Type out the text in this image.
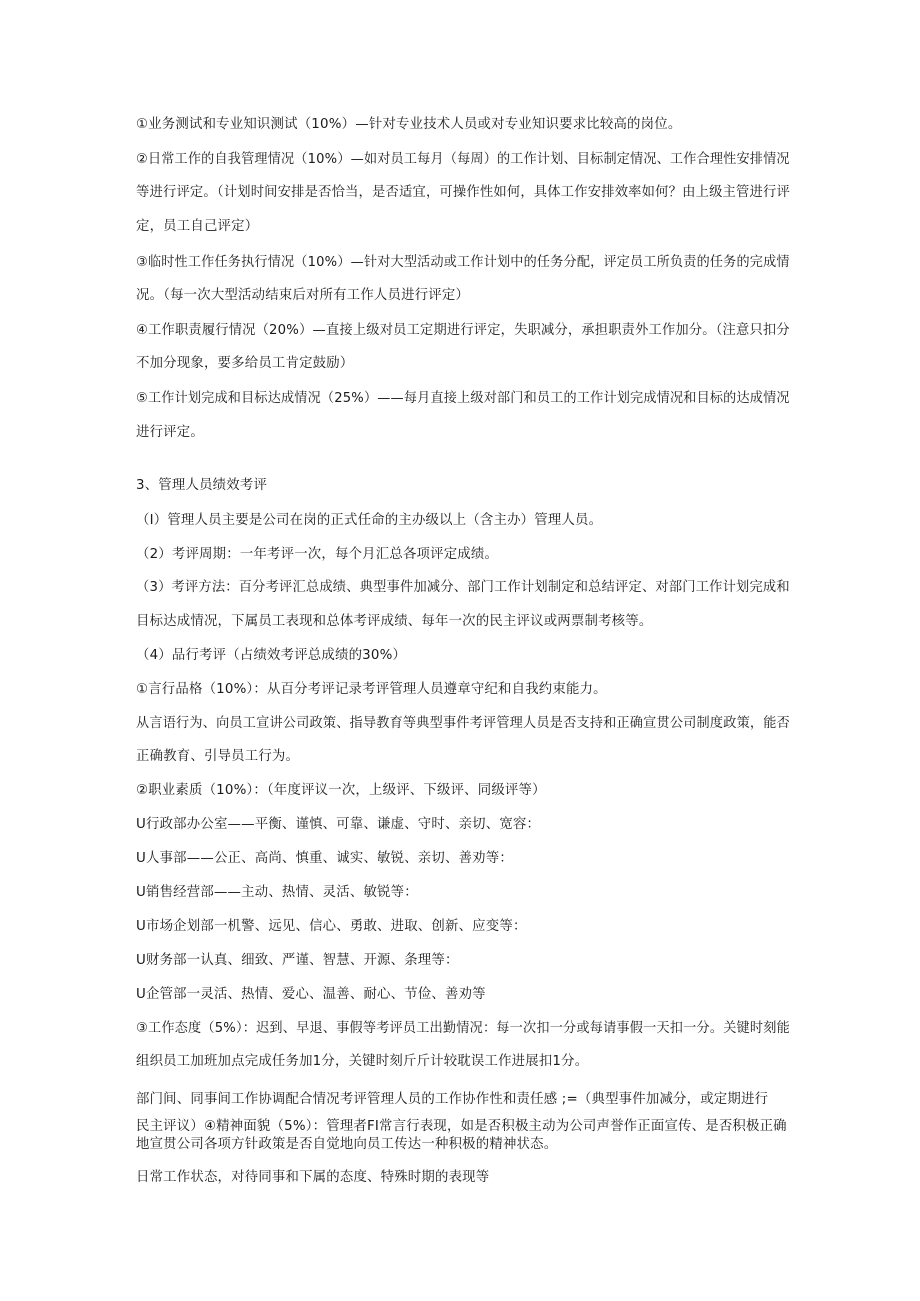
①业务测试和专业知识测试（10%）—针对专业技术人员或对专业知识要求比较高的岗位。

②日常工作的自我管理情况（10%）—如对员工每月（每周）的工作计划、目标制定情况、工作合理性安排情况

等进行评定。（计划时间安排是否恰当，是否适宜，可操作性如何，具体工作安排效率如何？由上级主管进行评

定，员工自己评定）

③临时性工作任务执行情况（10%）—针对大型活动或工作计划中的任务分配，评定员工所负责的任务的完成情

况。（每一次大型活动结束后对所有工作人员进行评定）

④工作职责履行情况（20%）—直接上级对员工定期进行评定，失职减分，承担职责外工作加分。（注意只扣分

不加分现象，要多给员工肯定鼓励）

⑤工作计划完成和目标达成情况（25%）——每月直接上级对部门和员工的工作计划完成情况和目标的达成情况

进行评定。

3、管理人员绩效考评

（I）管理人员主要是公司在岗的正式任命的主办级以上（含主办）管理人员。

（2）考评周期：一年考评一次，每个月汇总各项评定成绩。

（3）考评方法：百分考评汇总成绩、典型事件加减分、部门工作计划制定和总结评定、对部门工作计划完成和

目标达成情况，下属员工表现和总体考评成绩、每年一次的民主评议或两票制考核等。

（4）品行考评（占绩效考评总成绩的30%）

①言行品格（10%）：从百分考评记录考评管理人员遵章守纪和自我约束能力。

从言语行为、向员工宣讲公司政策、指导教育等典型事件考评管理人员是否支持和正确宣贯公司制度政策，能否

正确教育、引导员工行为。

②职业素质（10%）：（年度评议一次，上级评、下级评、同级评等）

U行政部办公室——平衡、谨慎、可靠、谦虚、守时、亲切、宽容：

U人事部——公正、高尚、慎重、诚实、敏锐、亲切、善劝等：

U销售经营部——主动、热情、灵活、敏锐等：

U市场企划部一机警、远见、信心、勇敢、进取、创新、应变等：

U财务部一认真、细致、严谨、智慧、开源、条理等：

U企管部一灵活、热情、爱心、温善、耐心、节俭、善劝等

③工作态度（5%）：迟到、早退、事假等考评员工出勤情况：每一次扣一分或每请事假一天扣一分。关键时刻能

组织员工加班加点完成任务加1分，关键时刻斤斤计较耽误工作进展扣1分。

部门间、同事间工作协调配合情况考评管理人员的工作协作性和责任感 ;=（典型事件加减分，或定期进行

民主评议）④精神面貌（5%）：管理者FI常言行表现，如是否积极主动为公司声誉作正面宣传、是否积极正确

地宣贯公司各项方针政策是否自觉地向员工传达一种积极的精神状态。

日常工作状态，对待同事和下属的态度、特殊时期的表现等
